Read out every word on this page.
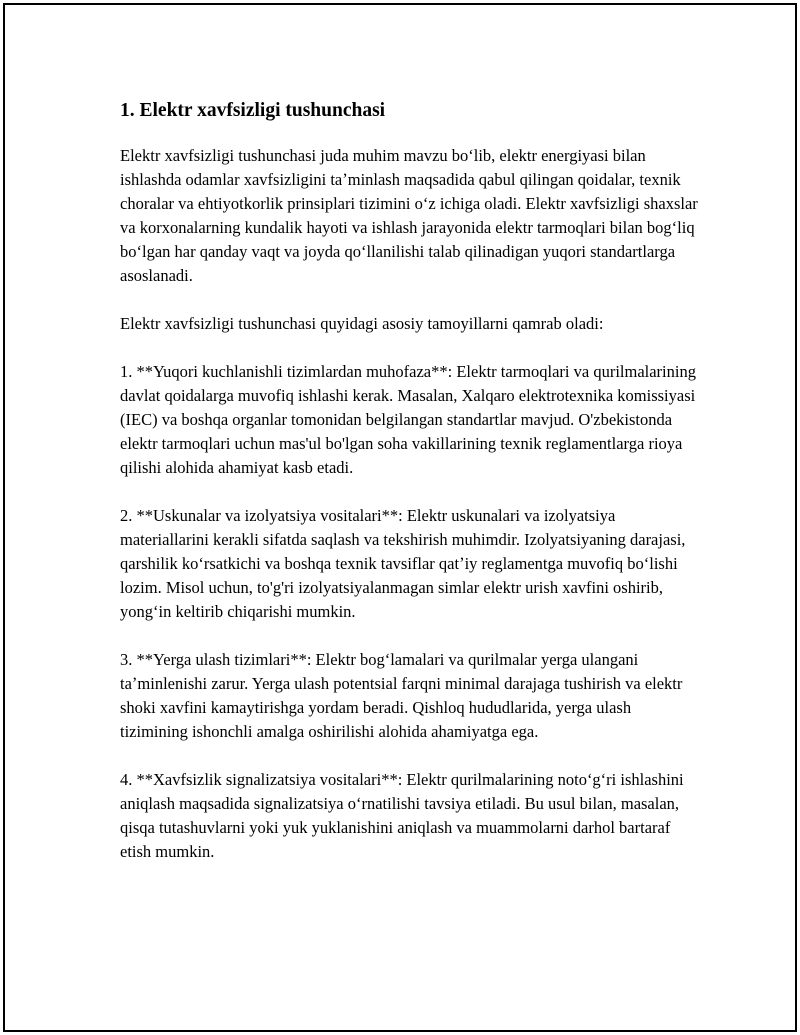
1. Elektr xavfsizligi tushunchasi

Elektr xavfsizligi tushunchasi juda muhim mavzu boʻlib, elektr energiyasi bilan ishlashda odamlar xavfsizligini taʼminlash maqsadida qabul qilingan qoidalar, texnik choralar va ehtiyotkorlik prinsiplari tizimini oʻz ichiga oladi. Elektr xavfsizligi shaxslar va korxonalarning kundalik hayoti va ishlash jarayonida elektr tarmoqlari bilan bogʻliq boʻlgan har qanday vaqt va joyda qoʻllanilishi talab qilinadigan yuqori standartlarga asoslanadi.

Elektr xavfsizligi tushunchasi quyidagi asosiy tamoyillarni qamrab oladi:

1. **Yuqori kuchlanishli tizimlardan muhofaza**: Elektr tarmoqlari va qurilmalarining davlat qoidalarga muvofiq ishlashi kerak. Masalan, Xalqaro elektrotexnika komissiyasi (IEC) va boshqa organlar tomonidan belgilangan standartlar mavjud. O'zbekistonda elektr tarmoqlari uchun mas'ul bo'lgan soha vakillarining texnik reglamentlarga rioya qilishi alohida ahamiyat kasb etadi.

2. **Uskunalar va izolyatsiya vositalari**: Elektr uskunalari va izolyatsiya materiallarini kerakli sifatda saqlash va tekshirish muhimdir. Izolyatsiyaning darajasi, qarshilik koʻrsatkichi va boshqa texnik tavsiflar qatʼiy reglamentga muvofiq boʻlishi lozim. Misol uchun, to'g'ri izolyatsiyalanmagan simlar elektr urish xavfini oshirib, yongʻin keltirib chiqarishi mumkin.

3. **Yerga ulash tizimlari**: Elektr bogʻlamalari va qurilmalar yerga ulangani taʼminlenishi zarur. Yerga ulash potentsial farqni minimal darajaga tushirish va elektr shoki xavfini kamaytirishga yordam beradi. Qishloq hududlarida, yerga ulash tizimining ishonchli amalga oshirilishi alohida ahamiyatga ega.

4. **Xavfsizlik signalizatsiya vositalari**: Elektr qurilmalarining notoʻgʻri ishlashini aniqlash maqsadida signalizatsiya oʻrnatilishi tavsiya etiladi. Bu usul bilan, masalan, qisqa tutashuvlarni yoki yuk yuklanishini aniqlash va muammolarni darhol bartaraf etish mumkin.
